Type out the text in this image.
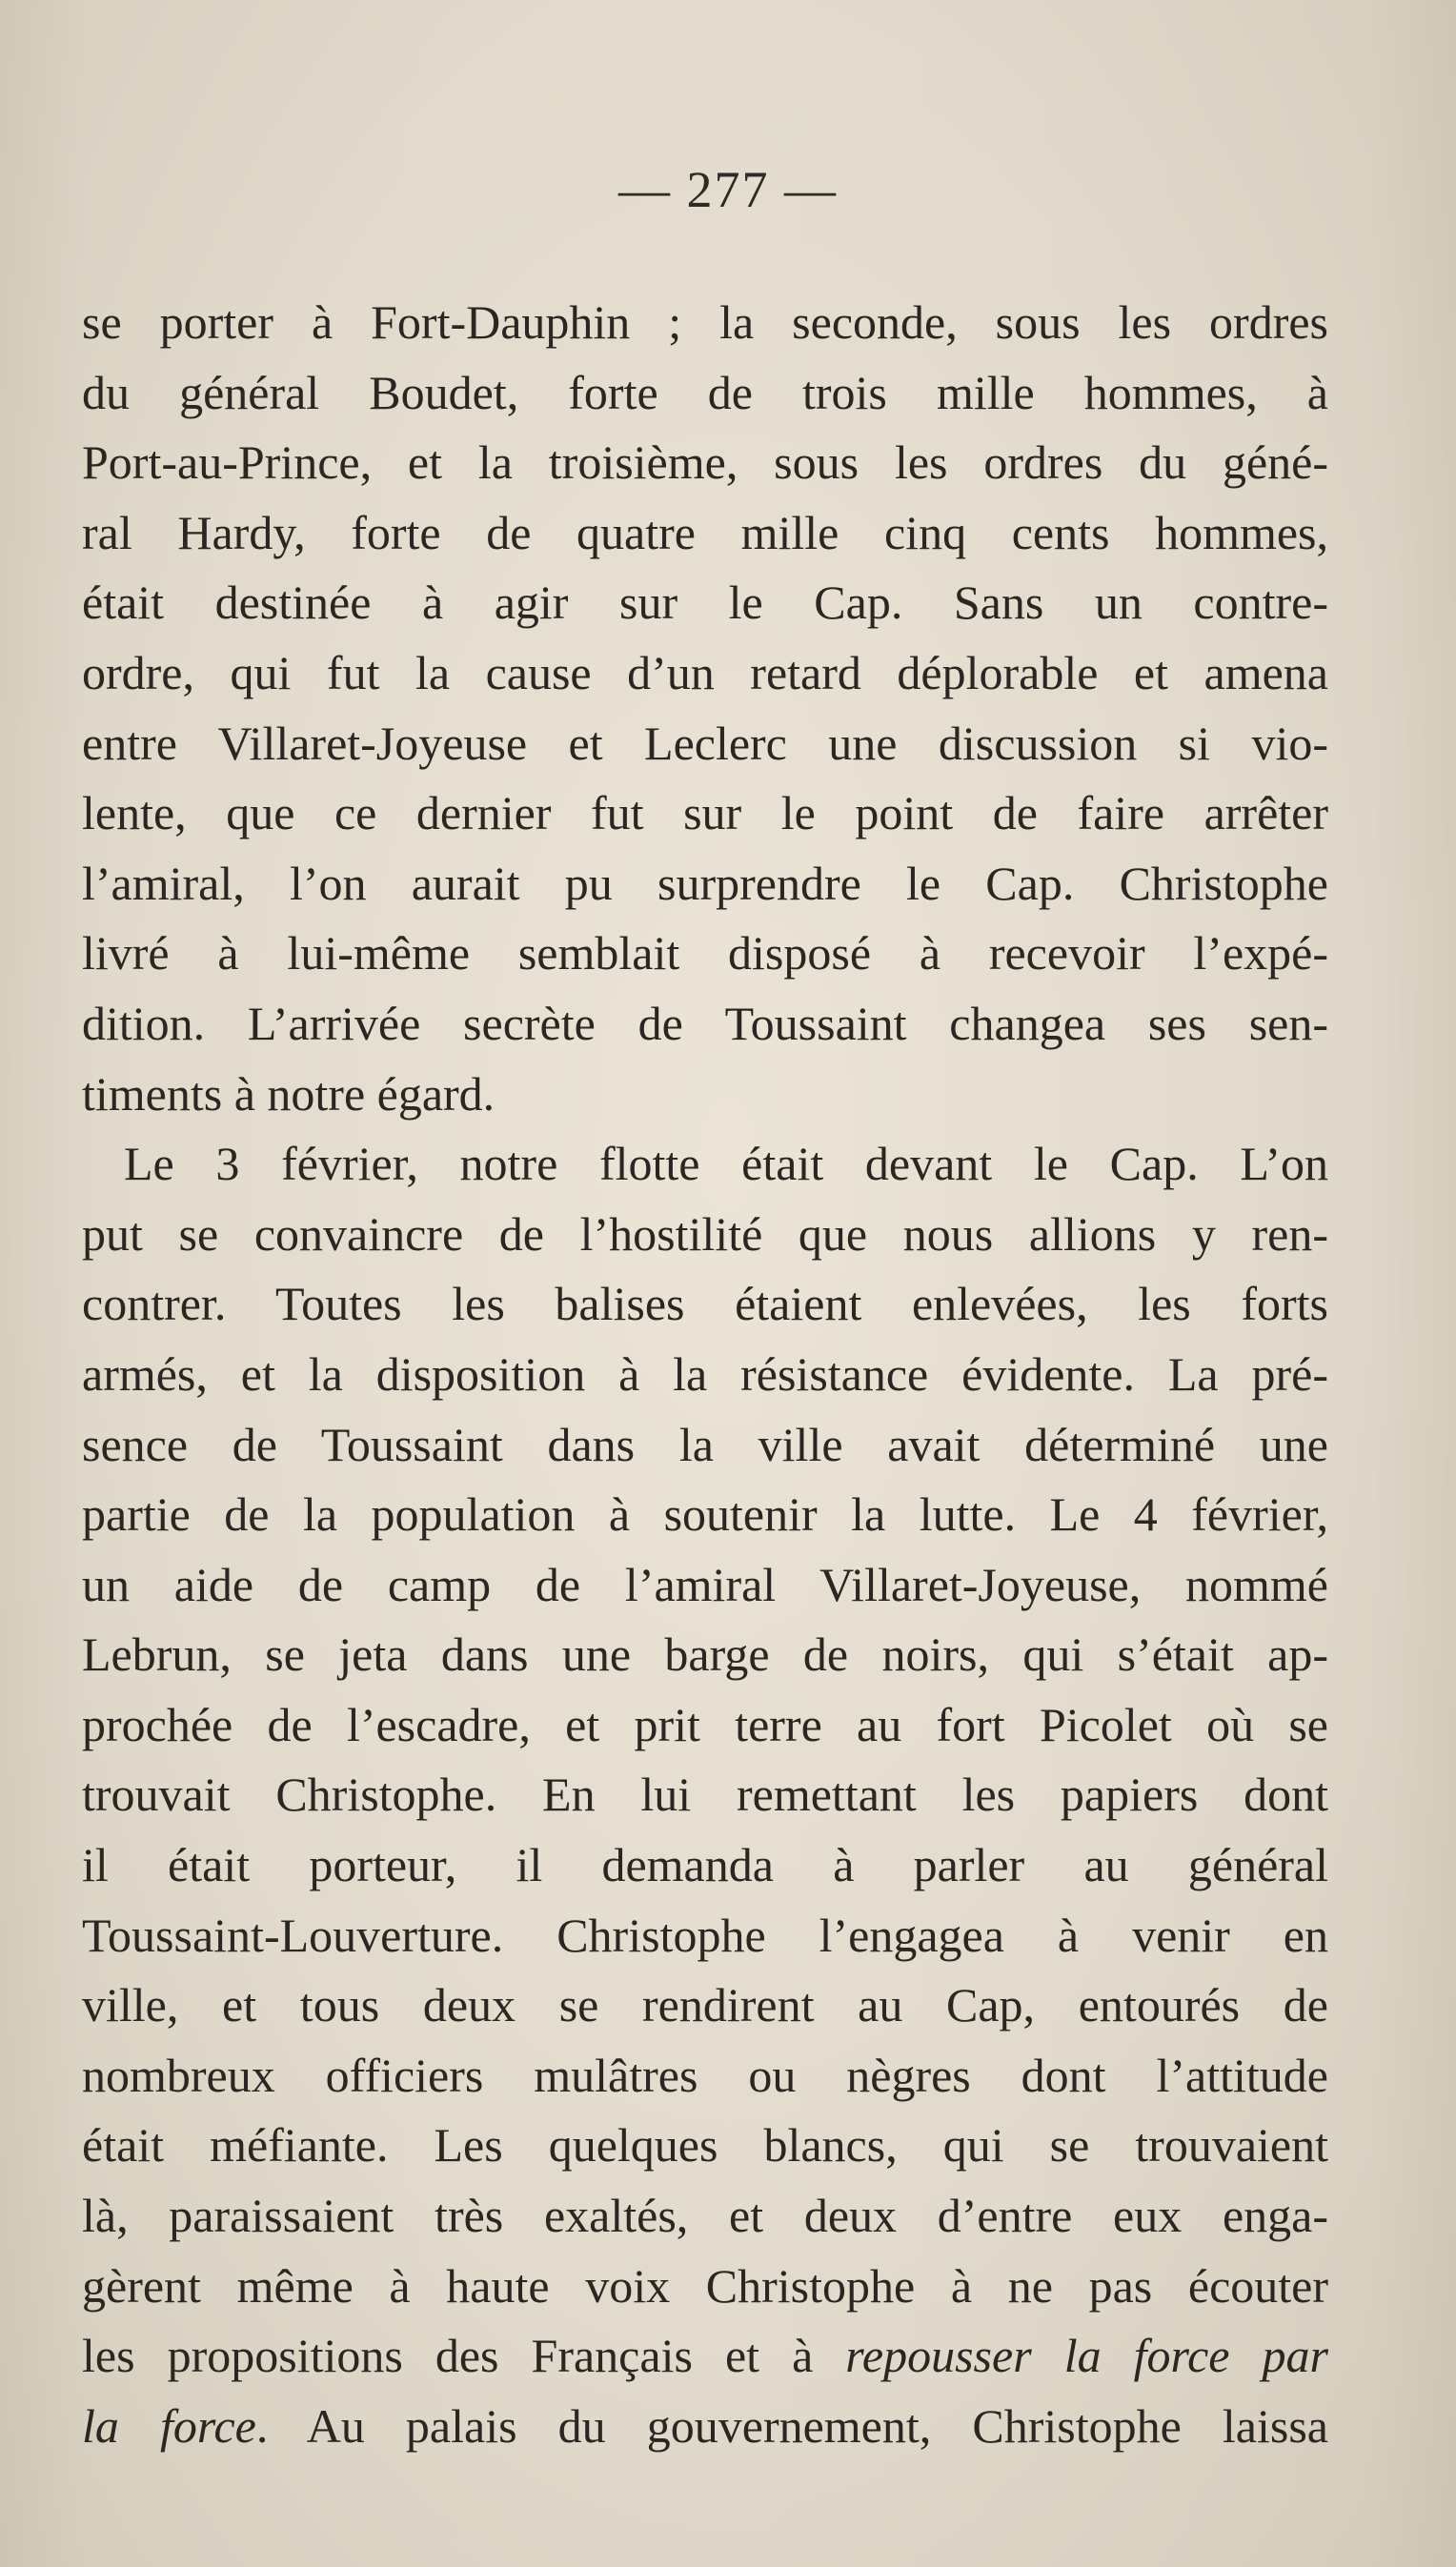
— 277 —
se porter à Fort-Dauphin ; la seconde, sous les ordres
du général Boudet, forte de trois mille hommes, à
Port-au-Prince, et la troisième, sous les ordres du géné-
ral Hardy, forte de quatre mille cinq cents hommes,
était destinée à agir sur le Cap. Sans un contre-
ordre, qui fut la cause d’un retard déplorable et amena
entre Villaret-Joyeuse et Leclerc une discussion si vio-
lente, que ce dernier fut sur le point de faire arrêter
l’amiral, l’on aurait pu surprendre le Cap. Christophe
livré à lui-même semblait disposé à recevoir l’expé-
dition. L’arrivée secrète de Toussaint changea ses sen-
timents à notre égard.
Le 3 février, notre flotte était devant le Cap. L’on
put se convaincre de l’hostilité que nous allions y ren-
contrer. Toutes les balises étaient enlevées, les forts
armés, et la disposition à la résistance évidente. La pré-
sence de Toussaint dans la ville avait déterminé une
partie de la population à soutenir la lutte. Le 4 février,
un aide de camp de l’amiral Villaret-Joyeuse, nommé
Lebrun, se jeta dans une barge de noirs, qui s’était ap-
prochée de l’escadre, et prit terre au fort Picolet où se
trouvait Christophe. En lui remettant les papiers dont
il était porteur, il demanda à parler au général
Toussaint-Louverture. Christophe l’engagea à venir en
ville, et tous deux se rendirent au Cap, entourés de
nombreux officiers mulâtres ou nègres dont l’attitude
était méfiante. Les quelques blancs, qui se trouvaient
là, paraissaient très exaltés, et deux d’entre eux enga-
gèrent même à haute voix Christophe à ne pas écouter
les propositions des Français et à repousser la force par
la force. Au palais du gouvernement, Christophe laissa
